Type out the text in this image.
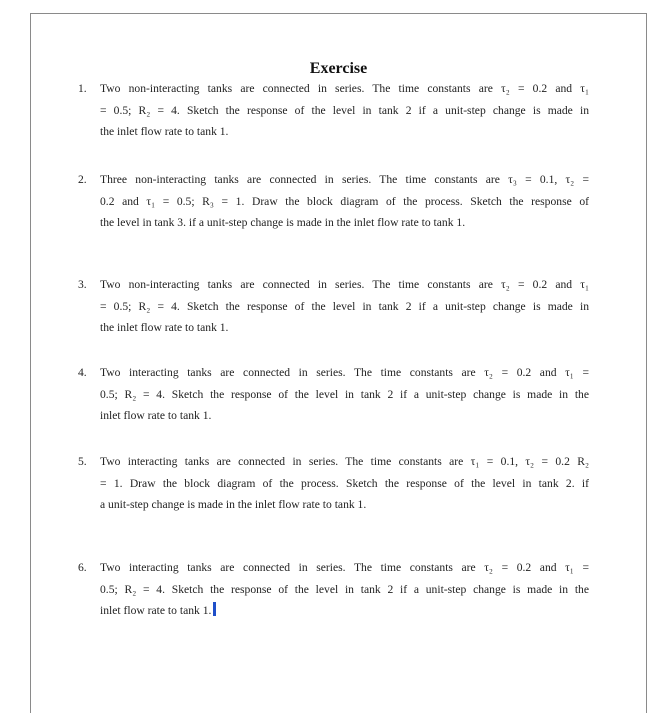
Exercise
1. Two non-interacting tanks are connected in series. The time constants are τ₂ = 0.2 and τ₁
= 0.5; R₂ = 4. Sketch the response of the level in tank 2 if a unit-step change is made in
the inlet flow rate to tank 1.
2. Three non-interacting tanks are connected in series. The time constants are τ₃ = 0.1, τ₂ =
0.2 and τ₁ = 0.5; R₃ = 1. Draw the block diagram of the process. Sketch the response of
the level in tank 3. if a unit-step change is made in the inlet flow rate to tank 1.
3. Two non-interacting tanks are connected in series. The time constants are τ₂ = 0.2 and τ₁
= 0.5; R₂ = 4. Sketch the response of the level in tank 2 if a unit-step change is made in
the inlet flow rate to tank 1.
4. Two interacting tanks are connected in series. The time constants are τ₂ = 0.2 and τ₁ =
0.5; R₂ = 4. Sketch the response of the level in tank 2 if a unit-step change is made in the
inlet flow rate to tank 1.
5. Two interacting tanks are connected in series. The time constants are τ₁ = 0.1, τ₂ = 0.2 R₂
= 1. Draw the block diagram of the process. Sketch the response of the level in tank 2. if
a unit-step change is made in the inlet flow rate to tank 1.
6. Two interacting tanks are connected in series. The time constants are τ₂ = 0.2 and τ₁ =
0.5; R₂ = 4. Sketch the response of the level in tank 2 if a unit-step change is made in the
inlet flow rate to tank 1.
